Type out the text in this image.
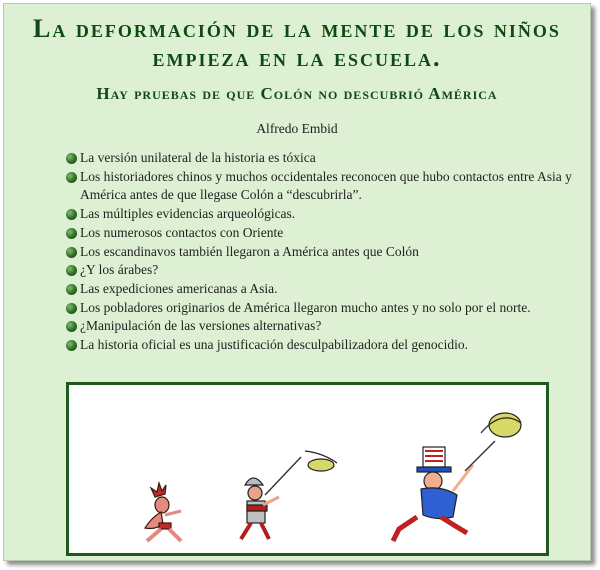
La deformación de la mente de los niños empieza en la escuela.
Hay pruebas de que Colón no descubrió América
Alfredo Embid
La versión unilateral de la historia es tóxica
Los historiadores chinos y muchos occidentales reconocen que hubo contactos entre Asia y América antes de que llegase Colón a “descubrirla”.
Las múltiples evidencias arqueológicas.
Los numerosos contactos con Oriente
Los escandinavos también llegaron a América antes que Colón
¿Y los árabes?
Las expediciones americanas a Asia.
Los pobladores originarios de América llegaron mucho antes y no solo por el norte.
¿Manipulación de las versiones alternativas?
La historia oficial es una justificación desculpabilizadora del genocidio.
